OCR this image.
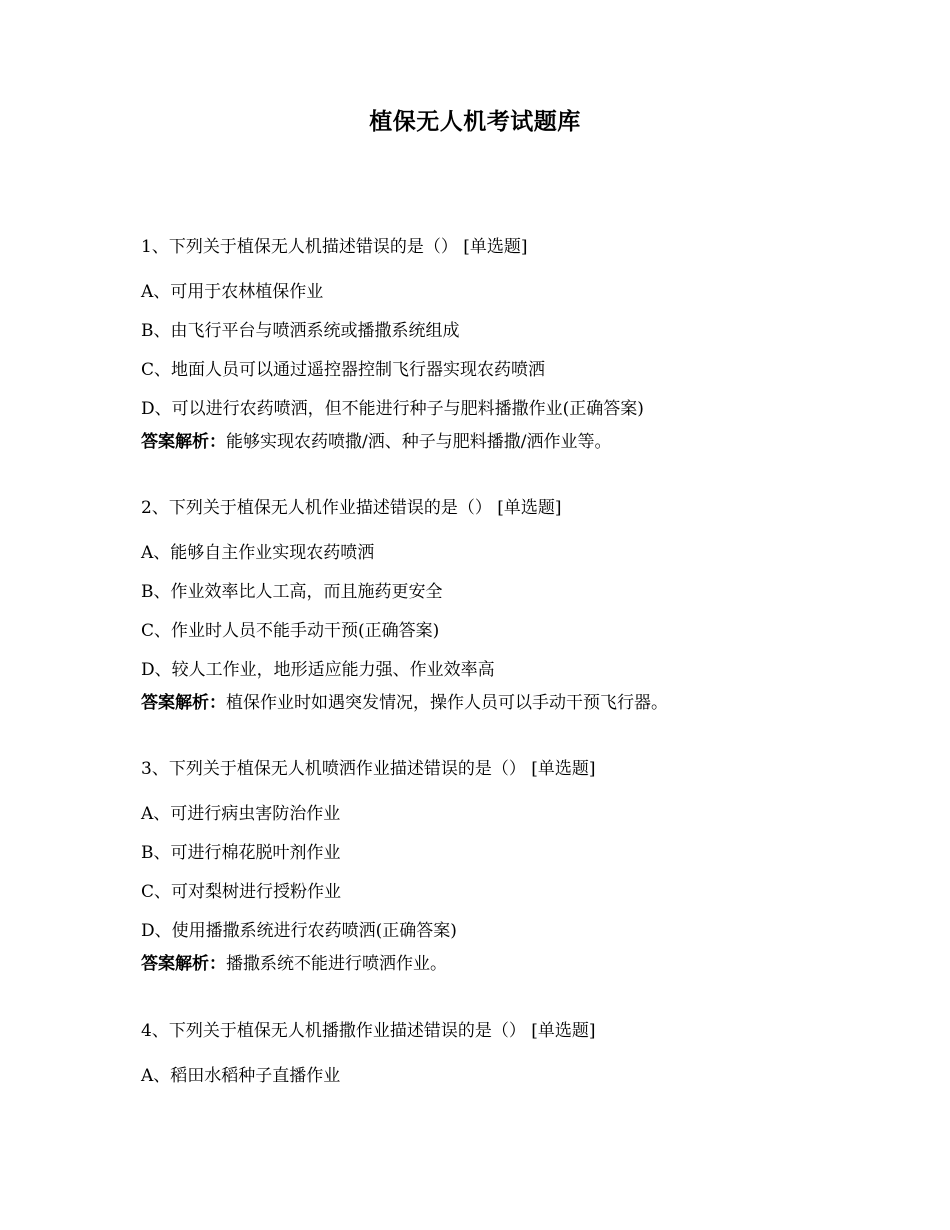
植保无人机考试题库
1、下列关于植保无人机描述错误的是（） [单选题]
A、可用于农林植保作业
B、由飞行平台与喷洒系统或播撒系统组成
C、地面人员可以通过遥控器控制飞行器实现农药喷洒
D、可以进行农药喷洒，但不能进行种子与肥料播撒作业(正确答案)
答案解析：能够实现农药喷撒/洒、种子与肥料播撒/洒作业等。
2、下列关于植保无人机作业描述错误的是（） [单选题]
A、能够自主作业实现农药喷洒
B、作业效率比人工高，而且施药更安全
C、作业时人员不能手动干预(正确答案)
D、较人工作业，地形适应能力强、作业效率高
答案解析：植保作业时如遇突发情况，操作人员可以手动干预飞行器。
3、下列关于植保无人机喷洒作业描述错误的是（） [单选题]
A、可进行病虫害防治作业
B、可进行棉花脱叶剂作业
C、可对梨树进行授粉作业
D、使用播撒系统进行农药喷洒(正确答案)
答案解析：播撒系统不能进行喷洒作业。
4、下列关于植保无人机播撒作业描述错误的是（） [单选题]
A、稻田水稻种子直播作业
